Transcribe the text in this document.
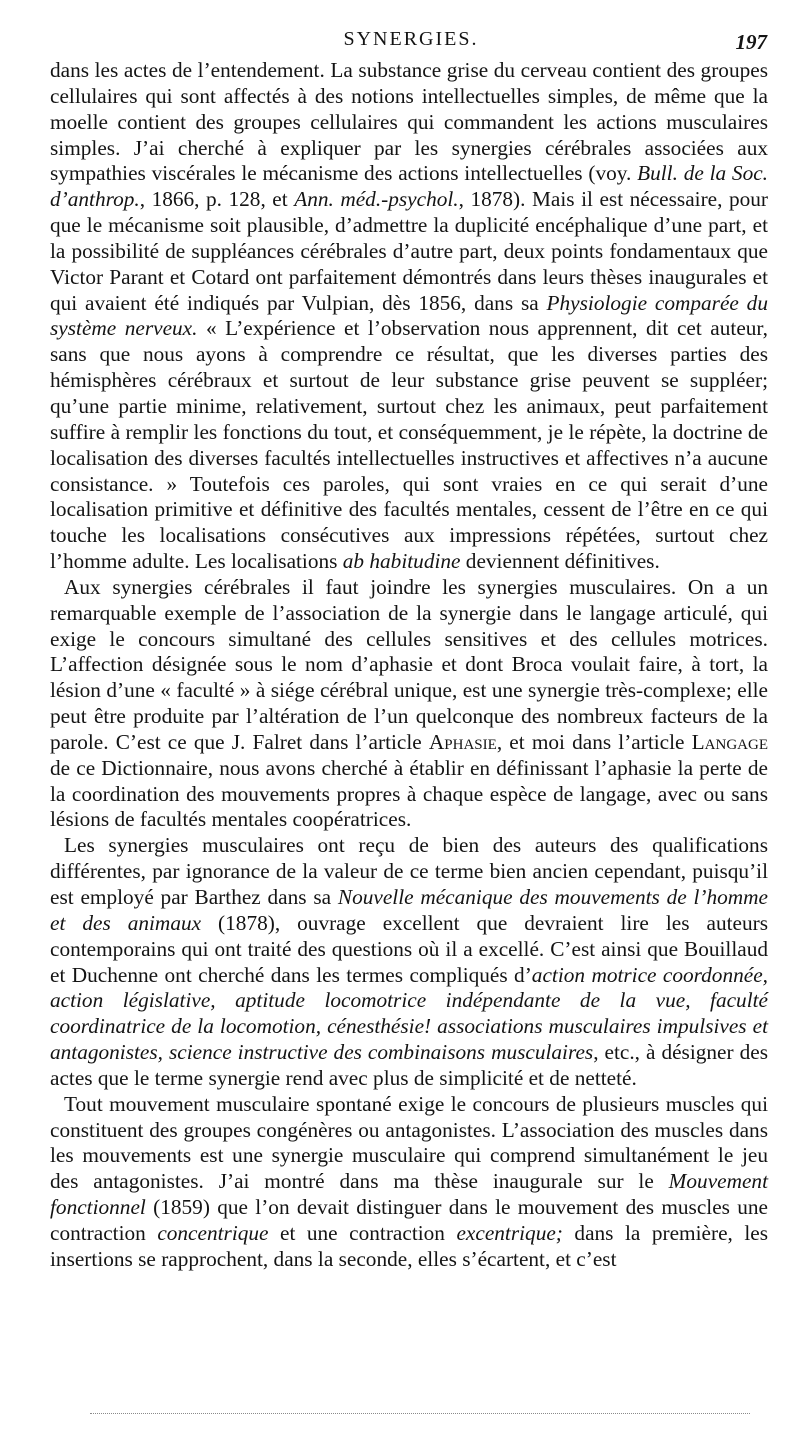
SYNERGIES.	197

dans les actes de l’entendement. La substance grise du cerveau contient des groupes cellulaires qui sont affectés à des notions intellectuelles simples, de même que la moelle contient des groupes cellulaires qui commandent les actions musculaires simples. J’ai cherché à expliquer par les synergies cérébrales associées aux sympathies viscérales le mécanisme des actions intellectuelles (voy. Bull. de la Soc. d’anthrop., 1866, p. 128, et Ann. méd.-psychol., 1878). Mais il est nécessaire, pour que le mécanisme soit plausible, d’admettre la duplicité encéphalique d’une part, et la possibilité de suppléances cérébrales d’autre part, deux points fondamentaux que Victor Parant et Cotard ont parfaitement démontrés dans leurs thèses inaugurales et qui avaient été indiqués par Vulpian, dès 1856, dans sa Physiologie comparée du système nerveux. « L’expérience et l’observation nous apprennent, dit cet auteur, sans que nous ayons à comprendre ce résultat, que les diverses parties des hémisphères cérébraux et surtout de leur substance grise peuvent se suppléer; qu’une partie minime, relativement, surtout chez les animaux, peut parfaitement suffire à remplir les fonctions du tout, et conséquemment, je le répète, la doctrine de localisation des diverses facultés intellectuelles instructives et affectives n’a aucune consistance. » Toutefois ces paroles, qui sont vraies en ce qui serait d’une localisation primitive et définitive des facultés mentales, cessent de l’être en ce qui touche les localisations consécutives aux impressions répétées, surtout chez l’homme adulte. Les localisations ab habitudine deviennent définitives.

Aux synergies cérébrales il faut joindre les synergies musculaires. On a un remarquable exemple de l’association de la synergie dans le langage articulé, qui exige le concours simultané des cellules sensitives et des cellules motrices. L’affection désignée sous le nom d’aphasie et dont Broca voulait faire, à tort, la lésion d’une « faculté » à siége cérébral unique, est une synergie très-complexe; elle peut être produite par l’altération de l’un quelconque des nombreux facteurs de la parole. C’est ce que J. Falret dans l’article Aphasie, et moi dans l’article Langage de ce Dictionnaire, nous avons cherché à établir en définissant l’aphasie la perte de la coordination des mouvements propres à chaque espèce de langage, avec ou sans lésions de facultés mentales coopératrices.

Les synergies musculaires ont reçu de bien des auteurs des qualifications différentes, par ignorance de la valeur de ce terme bien ancien cependant, puisqu’il est employé par Barthez dans sa Nouvelle mécanique des mouvements de l’homme et des animaux (1878), ouvrage excellent que devraient lire les auteurs contemporains qui ont traité des questions où il a excellé. C’est ainsi que Bouillaud et Duchenne ont cherché dans les termes compliqués d’action motrice coordonnée, action législative, aptitude locomotrice indépendante de la vue, faculté coordinatrice de la locomotion, cénesthésie! associations musculaires impulsives et antagonistes, science instructive des combinaisons musculaires, etc., à désigner des actes que le terme synergie rend avec plus de simplicité et de netteté.

Tout mouvement musculaire spontané exige le concours de plusieurs muscles qui constituent des groupes congénères ou antagonistes. L’association des muscles dans les mouvements est une synergie musculaire qui comprend simultanément le jeu des antagonistes. J’ai montré dans ma thèse inaugurale sur le Mouvement fonctionnel (1859) que l’on devait distinguer dans le mouvement des muscles une contraction concentrique et une contraction excentrique; dans la première, les insertions se rapprochent, dans la seconde, elles s’écartent, et c’est
